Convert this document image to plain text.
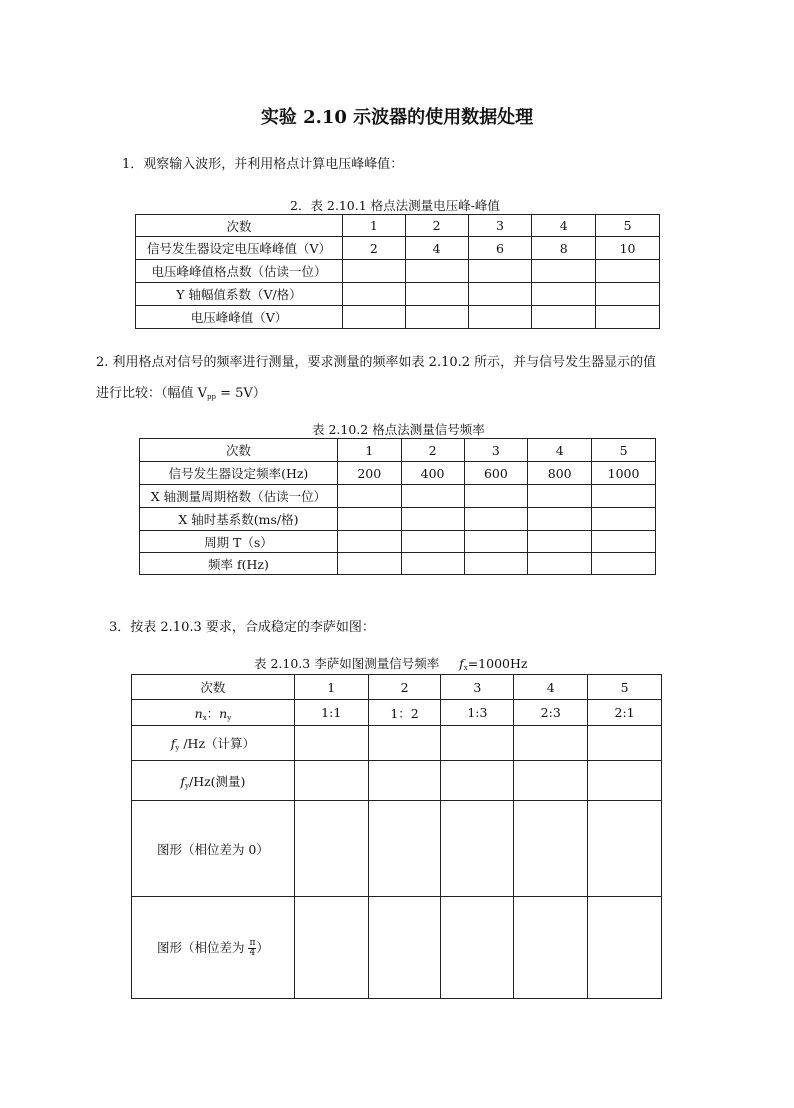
实验 2.10 示波器的使用数据处理
1．观察输入波形，并利用格点计算电压峰峰值：
2．表 2.10.1 格点法测量电压峰-峰值
次数	1	2	3	4	5
信号发生器设定电压峰峰值（V）	2	4	6	8	10
电压峰峰值格点数（估读一位）					
Y 轴幅值系数（V/格）					
电压峰峰值（V）					
2. 利用格点对信号的频率进行测量，要求测量的频率如表 2.10.2 所示，并与信号发生器显示的值
进行比较：（幅值 $V_{pp} = 5V$）
表 2.10.2 格点法测量信号频率
次数	1	2	3	4	5
信号发生器设定频率(Hz)	200	400	600	800	1000
X 轴测量周期格数（估读一位）					
X 轴时基系数(ms/格)					
周期 T（s）					
频率 f(Hz)					
3．按表 2.10.3 要求，合成稳定的李萨如图：
表 2.10.3 李萨如图测量信号频率 $f_x=1000Hz$
次数	1	2	3	4	5
$n_x$：$n_y$	1:1	1：2	1:3	2:3	2:1
$f_y$ /Hz（计算）					
$f_y/Hz$(测量)					
图形（相位差为 0）					
图形（相位差为 $\frac{\pi}{4}$ ）					
